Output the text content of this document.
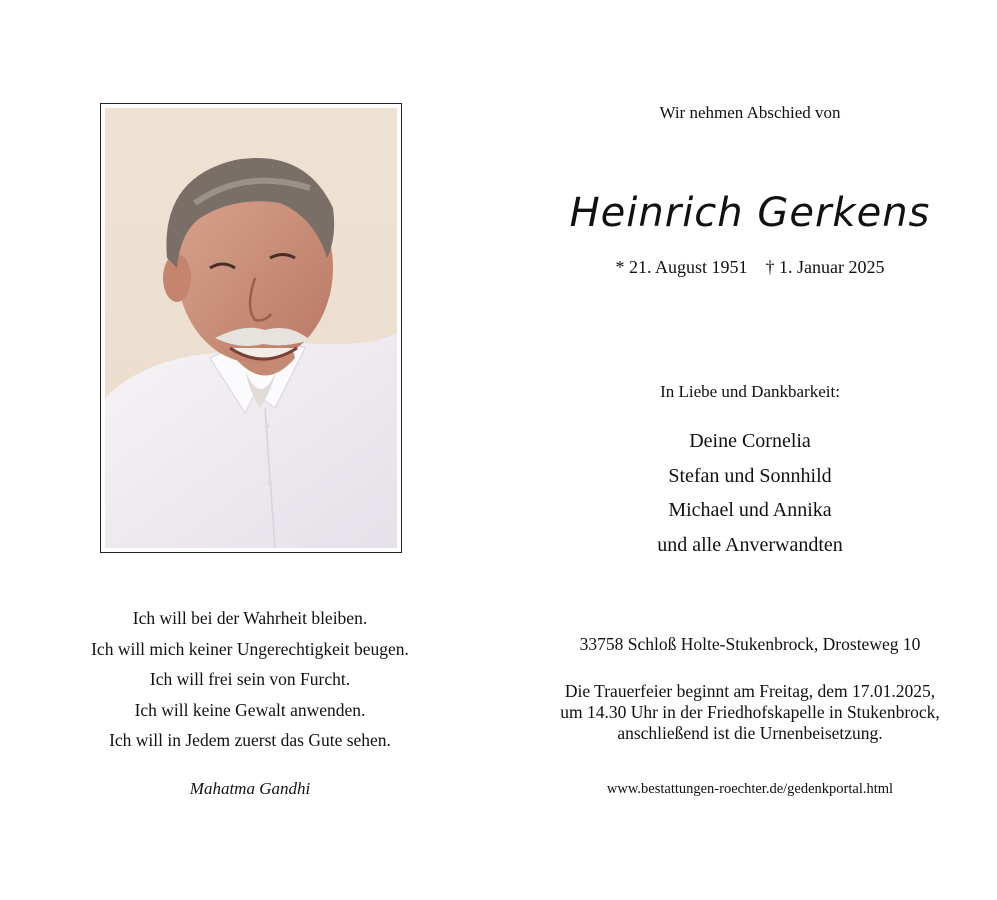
Wir nehmen Abschied von
Heinrich Gerkens
* 21. August 1951 † 1. Januar 2025
In Liebe und Dankbarkeit:
Deine Cornelia
Stefan und Sonnhild
Michael und Annika
und alle Anverwandten
33758 Schloß Holte-Stukenbrock, Drosteweg 10
Die Trauerfeier beginnt am Freitag, dem 17.01.2025,
um 14.30 Uhr in der Friedhofskapelle in Stukenbrock,
anschließend ist die Urnenbeisetzung.
www.bestattungen-roechter.de/gedenkportal.html
Ich will bei der Wahrheit bleiben.
Ich will mich keiner Ungerechtigkeit beugen.
Ich will frei sein von Furcht.
Ich will keine Gewalt anwenden.
Ich will in Jedem zuerst das Gute sehen.
Mahatma Gandhi
